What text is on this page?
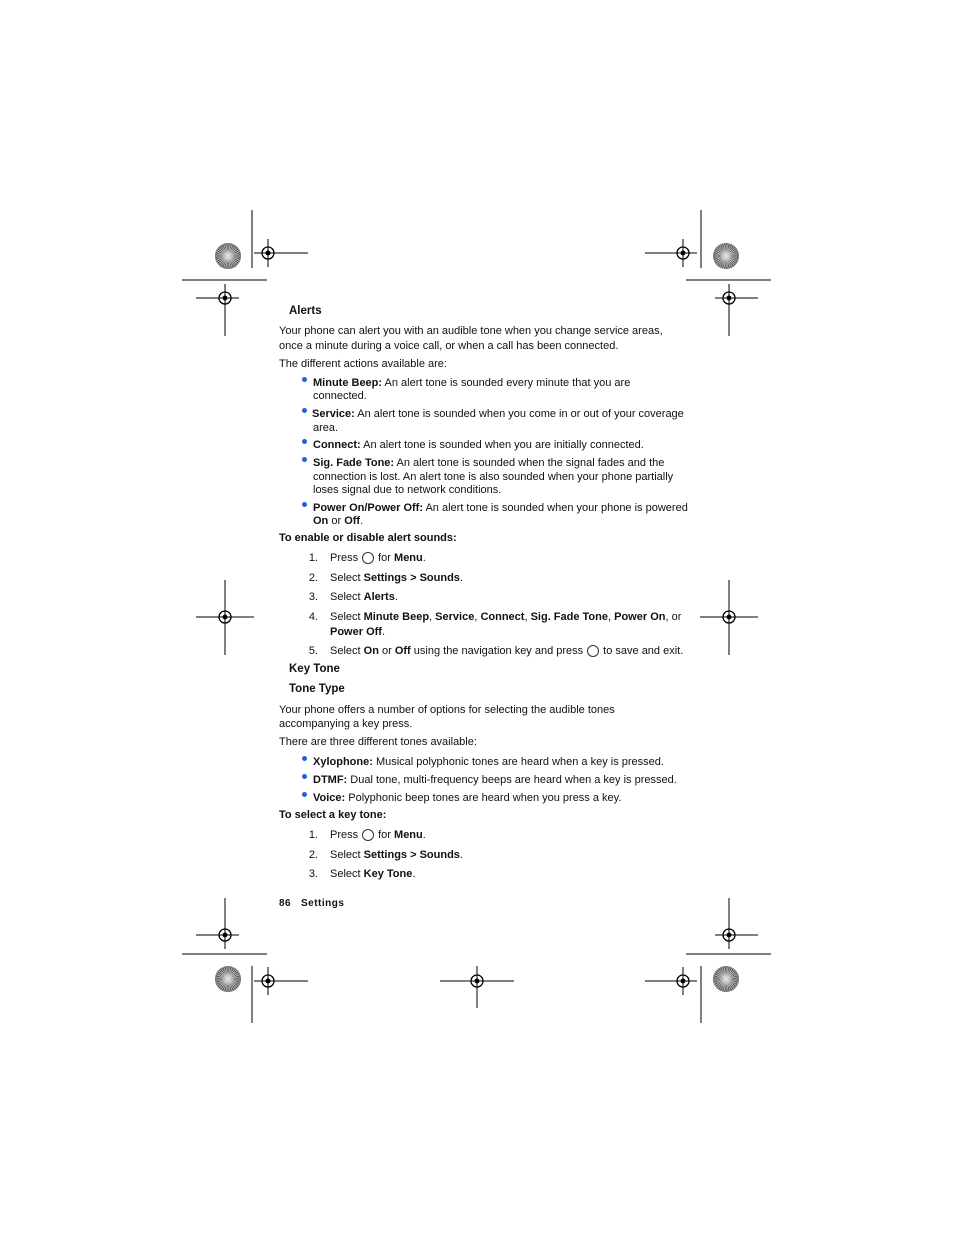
Alerts
Your phone can alert you with an audible tone when you change service areas,
once a minute during a voice call, or when a call has been connected.
The different actions available are:
Minute Beep: An alert tone is sounded every minute that you are
connected.
Service: An alert tone is sounded when you come in or out of your coverage
area.
Connect: An alert tone is sounded when you are initially connected.
Sig. Fade Tone: An alert tone is sounded when the signal fades and the
connection is lost. An alert tone is also sounded when your phone partially
loses signal due to network conditions.
Power On/Power Off: An alert tone is sounded when your phone is powered
On or Off.
To enable or disable alert sounds:
1. Press for Menu.
2. Select Settings > Sounds.
3. Select Alerts.
4. Select Minute Beep, Service, Connect, Sig. Fade Tone, Power On, or
Power Off.
5. Select On or Off using the navigation key and press to save and exit.
Key Tone
Tone Type
Your phone offers a number of options for selecting the audible tones
accompanying a key press.
There are three different tones available:
Xylophone: Musical polyphonic tones are heard when a key is pressed.
DTMF: Dual tone, multi-frequency beeps are heard when a key is pressed.
Voice: Polyphonic beep tones are heard when you press a key.
To select a key tone:
1. Press for Menu.
2. Select Settings > Sounds.
3. Select Key Tone.
86 Settings
